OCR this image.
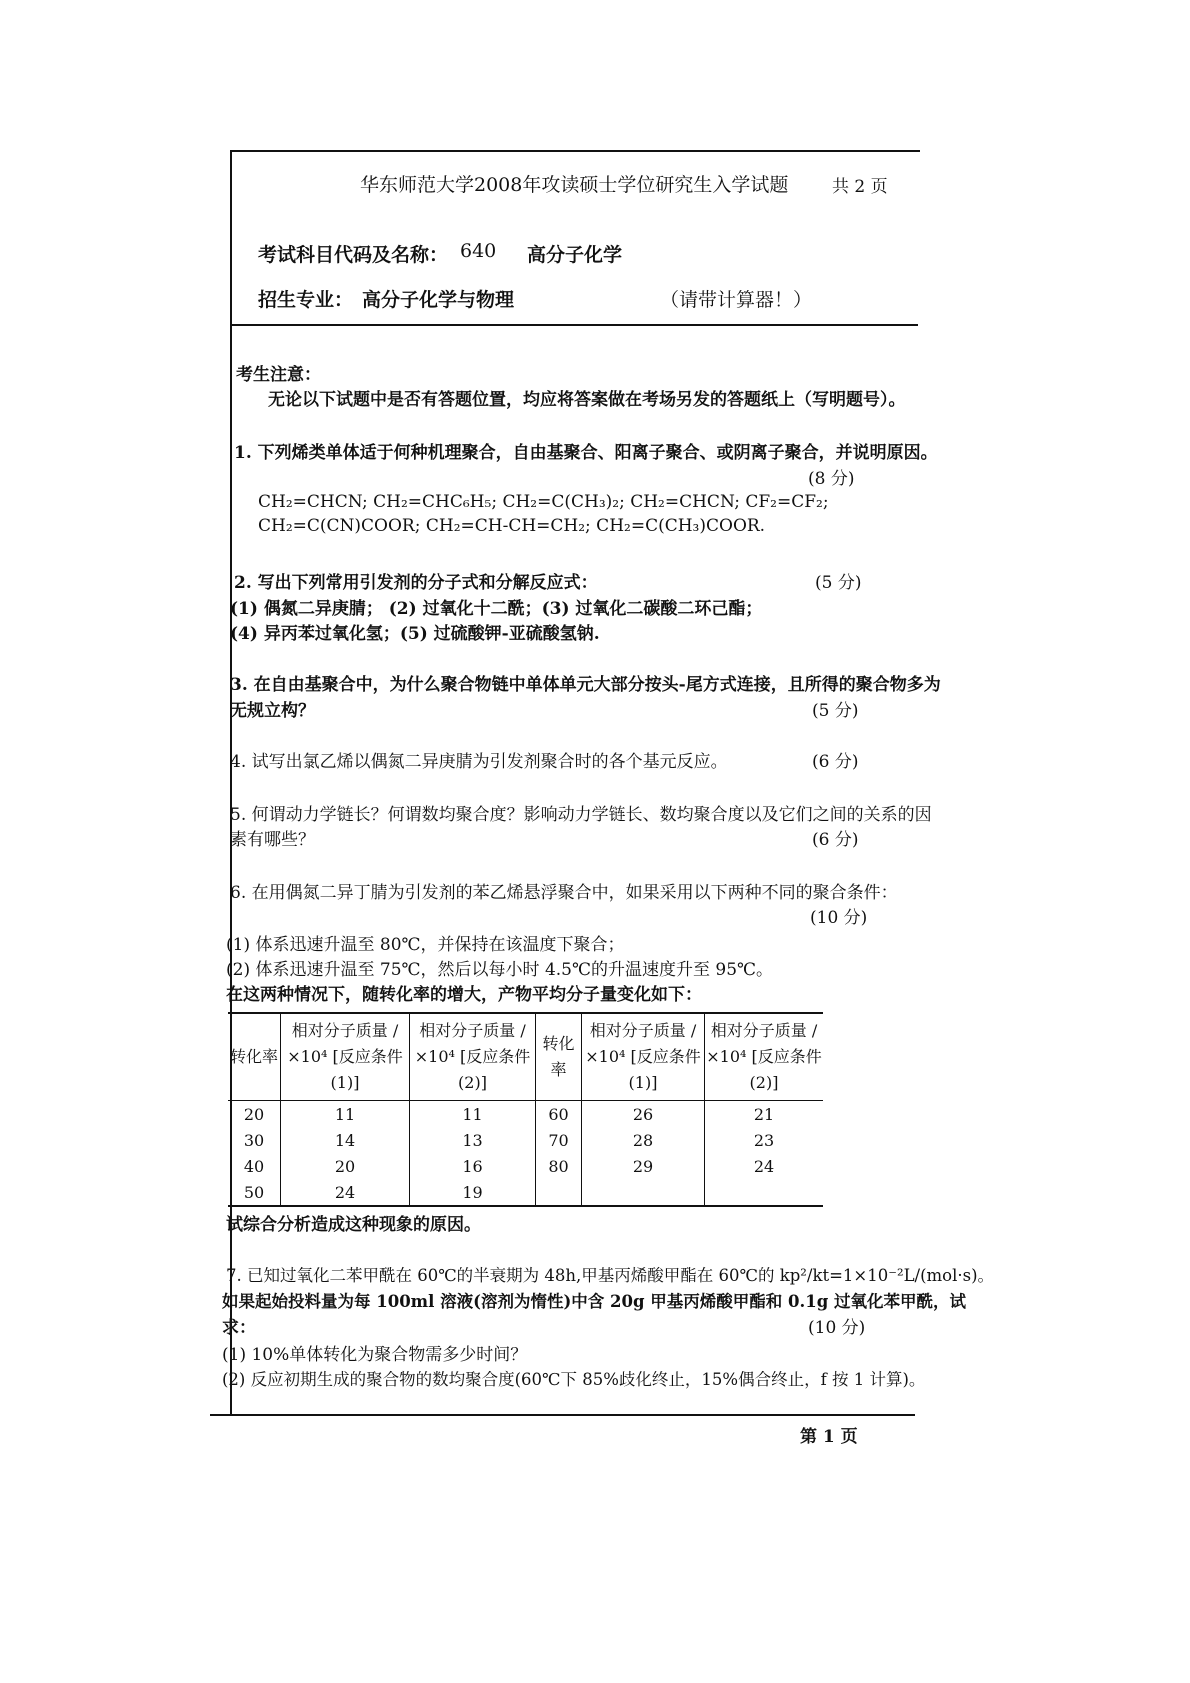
华东师范大学2008年攻读硕士学位研究生入学试题	共 2 页
考试科目代码及名称： 640 高分子化学
招生专业： 高分子化学与物理	（请带计算器！）
考生注意：
无论以下试题中是否有答题位置，均应将答案做在考场另发的答题纸上（写明题号）。
1. 下列烯类单体适于何种机理聚合，自由基聚合、阳离子聚合、或阴离子聚合，并说明原因。
(8 分)
CH₂=CHCN; CH₂=CHC₆H₅; CH₂=C(CH₃)₂; CH₂=CHCN; CF₂=CF₂;
CH₂=C(CN)COOR; CH₂=CH-CH=CH₂; CH₂=C(CH₃)COOR.
2. 写出下列常用引发剂的分子式和分解反应式：	(5 分)
(1) 偶氮二异庚腈； (2) 过氧化十二酰；(3) 过氧化二碳酸二环己酯；
(4) 异丙苯过氧化氢；(5) 过硫酸钾-亚硫酸氢钠.
3. 在自由基聚合中，为什么聚合物链中单体单元大部分按头-尾方式连接，且所得的聚合物多为
无规立构？	(5 分)
4. 试写出氯乙烯以偶氮二异庚腈为引发剂聚合时的各个基元反应。	(6 分)
5. 何谓动力学链长？何谓数均聚合度？影响动力学链长、数均聚合度以及它们之间的关系的因
素有哪些？	(6 分)
6. 在用偶氮二异丁腈为引发剂的苯乙烯悬浮聚合中，如果采用以下两种不同的聚合条件：
(10 分)
(1) 体系迅速升温至 80℃，并保持在该温度下聚合；
(2) 体系迅速升温至 75℃，然后以每小时 4.5℃的升温速度升至 95℃。
在这两种情况下，随转化率的增大，产物平均分子量变化如下：
转化率	相对分子质量 /×10⁴ [反应条件(1)]	相对分子质量 /×10⁴ [反应条件(2)]	转化率	相对分子质量 /×10⁴ [反应条件(1)]	相对分子质量 /×10⁴ [反应条件(2)]
20	11	11	60	26	21
30	14	13	70	28	23
40	20	16	80	29	24
50	24	19			
试综合分析造成这种现象的原因。
7. 已知过氧化二苯甲酰在 60℃的半衰期为 48h,甲基丙烯酸甲酯在 60℃的 kp²/kt=1×10⁻²L/(mol·s)。
如果起始投料量为每 100ml 溶液(溶剂为惰性)中含 20g 甲基丙烯酸甲酯和 0.1g 过氧化苯甲酰，试
求：	(10 分)
(1) 10%单体转化为聚合物需多少时间？
(2) 反应初期生成的聚合物的数均聚合度(60℃下 85%歧化终止，15%偶合终止，f 按 1 计算)。
第 1 页
